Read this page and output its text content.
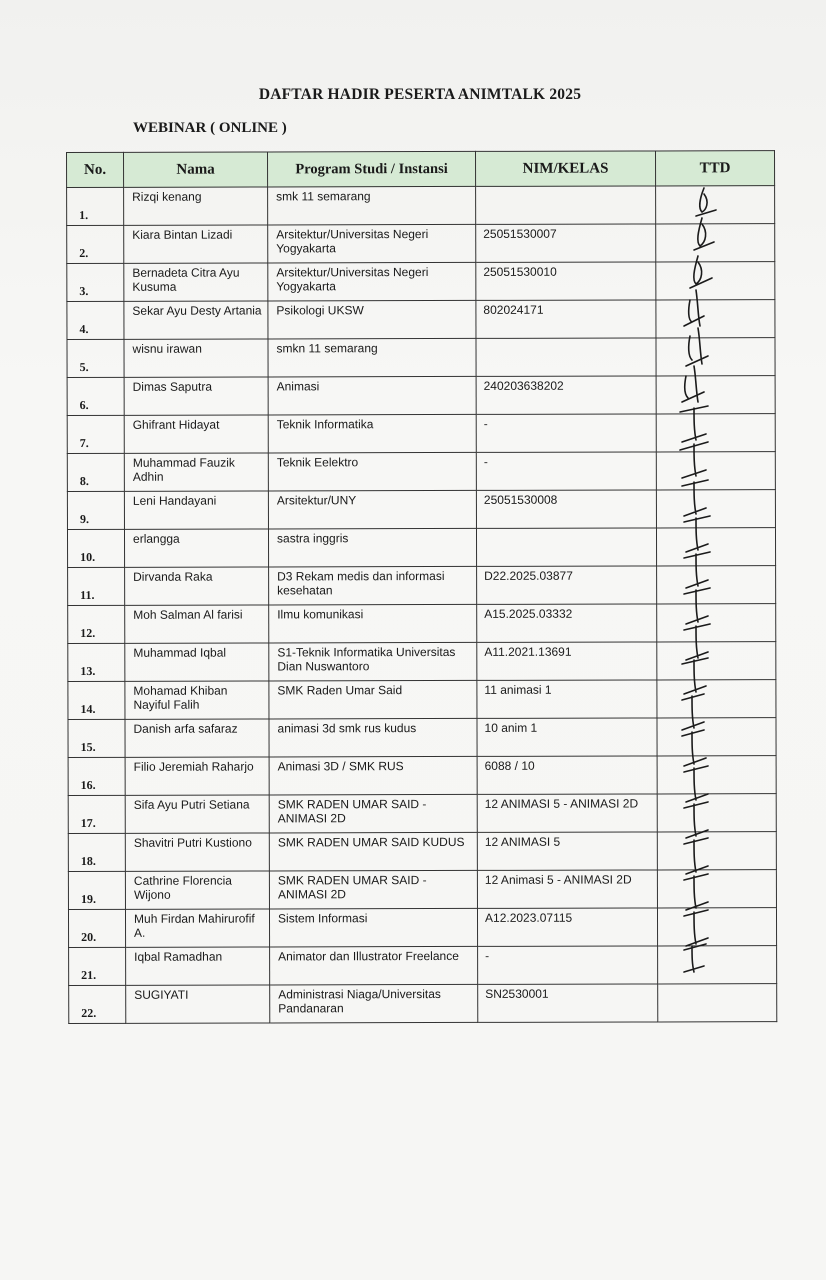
DAFTAR HADIR PESERTA ANIMTALK 2025
WEBINAR ( ONLINE )
No.	Nama	Program Studi / Instansi	NIM/KELAS	TTD
1.	Rizqi kenang	smk 11 semarang		
2.	Kiara Bintan Lizadi	Arsitektur/Universitas Negeri Yogyakarta	25051530007	
3.	Bernadeta Citra Ayu Kusuma	Arsitektur/Universitas Negeri Yogyakarta	25051530010	
4.	Sekar Ayu Desty Artania	Psikologi UKSW	802024171	
5.	wisnu irawan	smkn 11 semarang		
6.	Dimas Saputra	Animasi	240203638202	
7.	Ghifrant Hidayat	Teknik Informatika	-	
8.	Muhammad Fauzik Adhin	Teknik Eelektro	-	
9.	Leni Handayani	Arsitektur/UNY	25051530008	
10.	erlangga	sastra inggris		
11.	Dirvanda Raka	D3 Rekam medis dan informasi kesehatan	D22.2025.03877	
12.	Moh Salman Al farisi	Ilmu komunikasi	A15.2025.03332	
13.	Muhammad Iqbal	S1-Teknik Informatika Universitas Dian Nuswantoro	A11.2021.13691	
14.	Mohamad Khiban Nayiful Falih	SMK Raden Umar Said	11 animasi 1	
15.	Danish arfa safaraz	animasi 3d smk rus kudus	10 anim 1	
16.	Filio Jeremiah Raharjo	Animasi 3D / SMK RUS	6088 / 10	
17.	Sifa Ayu Putri Setiana	SMK RADEN UMAR SAID - ANIMASI 2D	12 ANIMASI 5 - ANIMASI 2D	
18.	Shavitri Putri Kustiono	SMK RADEN UMAR SAID KUDUS	12 ANIMASI 5	
19.	Cathrine Florencia Wijono	SMK RADEN UMAR SAID - ANIMASI 2D	12 Animasi 5 - ANIMASI 2D	
20.	Muh Firdan Mahirurofif A.	Sistem Informasi	A12.2023.07115	
21.	Iqbal Ramadhan	Animator dan Illustrator Freelance	-	
22.	SUGIYATI	Administrasi Niaga/Universitas Pandanaran	SN2530001	
